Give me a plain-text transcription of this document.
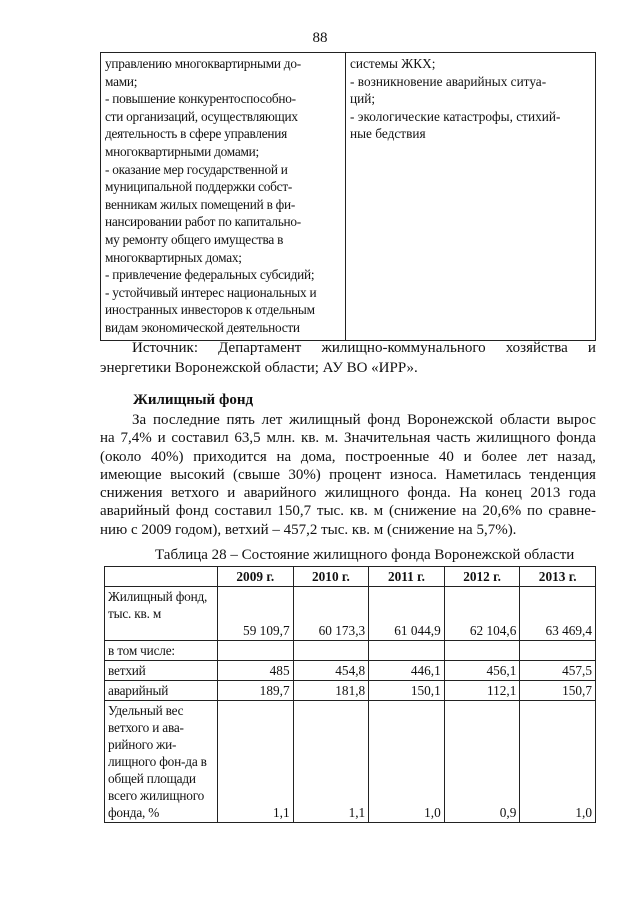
88
управлению многоквартирными до-
мами;
- повышение конкурентоспособно-
сти организаций, осуществляющих
деятельность в сфере управления
многоквартирными домами;
- оказание мер государственной и
муниципальной поддержки собст-
венникам жилых помещений в фи-
нансировании работ по капитально-
му ремонту общего имущества в
многоквартирных домах;
- привлечение федеральных субсидий;
- устойчивый интерес национальных и
иностранных инвесторов к отдельным
видам экономической деятельности

системы ЖКХ;
- возникновение аварийных ситуа-
ций;
- экологические катастрофы, стихий-
ные бедствия
Источник: Департамент жилищно-коммунального хозяйства и
энергетики Воронежской области; АУ ВО «ИРР».
Жилищный фонд
За последние пять лет жилищный фонд Воронежской области вырос
на 7,4% и составил 63,5 млн. кв. м. Значительная часть жилищного фонда
(около 40%) приходится на дома, построенные 40 и более лет назад,
имеющие высокий (свыше 30%) процент износа. Наметилась тенденция
снижения ветхого и аварийного жилищного фонда. На конец 2013 года
аварийный фонд составил 150,7 тыс. кв. м (снижение на 20,6% по сравне-
нию с 2009 годом), ветхий – 457,2 тыс. кв. м (снижение на 5,7%).
Таблица 28 – Состояние жилищного фонда Воронежской области
	2009 г.	2010 г.	2011 г.	2012 г.	2013 г.
Жилищный фонд, тыс. кв. м	59 109,7	60 173,3	61 044,9	62 104,6	63 469,4
в том числе:					
ветхий	485	454,8	446,1	456,1	457,5
аварийный	189,7	181,8	150,1	112,1	150,7
Удельный вес ветхого и ава-рийного жи-лищного фон-да в общей площади всего жилищного фонда, %	1,1	1,1	1,0	0,9	1,0
